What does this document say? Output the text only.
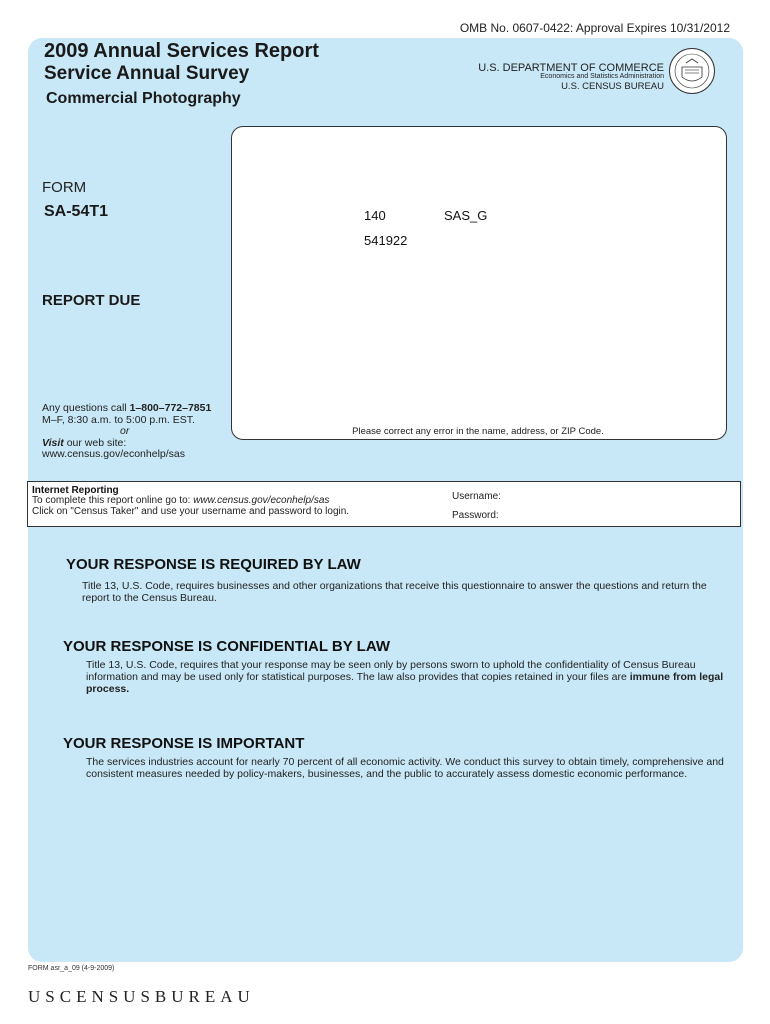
OMB No. 0607-0422: Approval Expires 10/31/2012
2009 Annual Services Report
Service Annual Survey
Commercial Photography
U.S. DEPARTMENT OF COMMERCE
Economics and Statistics Administration
U.S. CENSUS BUREAU
FORM
SA-54T1	140	SAS_G
541922
REPORT DUE
Any questions call 1–800–772–7851
M–F, 8:30 a.m. to 5:00 p.m. EST.
or
Visit our web site:
www.census.gov/econhelp/sas
Please correct any error in the name, address, or ZIP Code.
Internet Reporting
To complete this report online go to: www.census.gov/econhelp/sas
Click on "Census Taker" and use your username and password to login.
Username:
Password:
YOUR RESPONSE IS REQUIRED BY LAW
Title 13, U.S. Code, requires businesses and other organizations that receive this questionnaire to answer the questions and return the report to the Census Bureau.
YOUR RESPONSE IS CONFIDENTIAL BY LAW
Title 13, U.S. Code, requires that your response may be seen only by persons sworn to uphold the confidentiality of Census Bureau information and may be used only for statistical purposes. The law also provides that copies retained in your files are immune from legal process.
YOUR RESPONSE IS IMPORTANT
The services industries account for nearly 70 percent of all economic activity. We conduct this survey to obtain timely, comprehensive and consistent measures needed by policy-makers, businesses, and the public to accurately assess domestic economic performance.
FORM asr_a_09 (4-9-2009)
USCENSUSBUREAU
